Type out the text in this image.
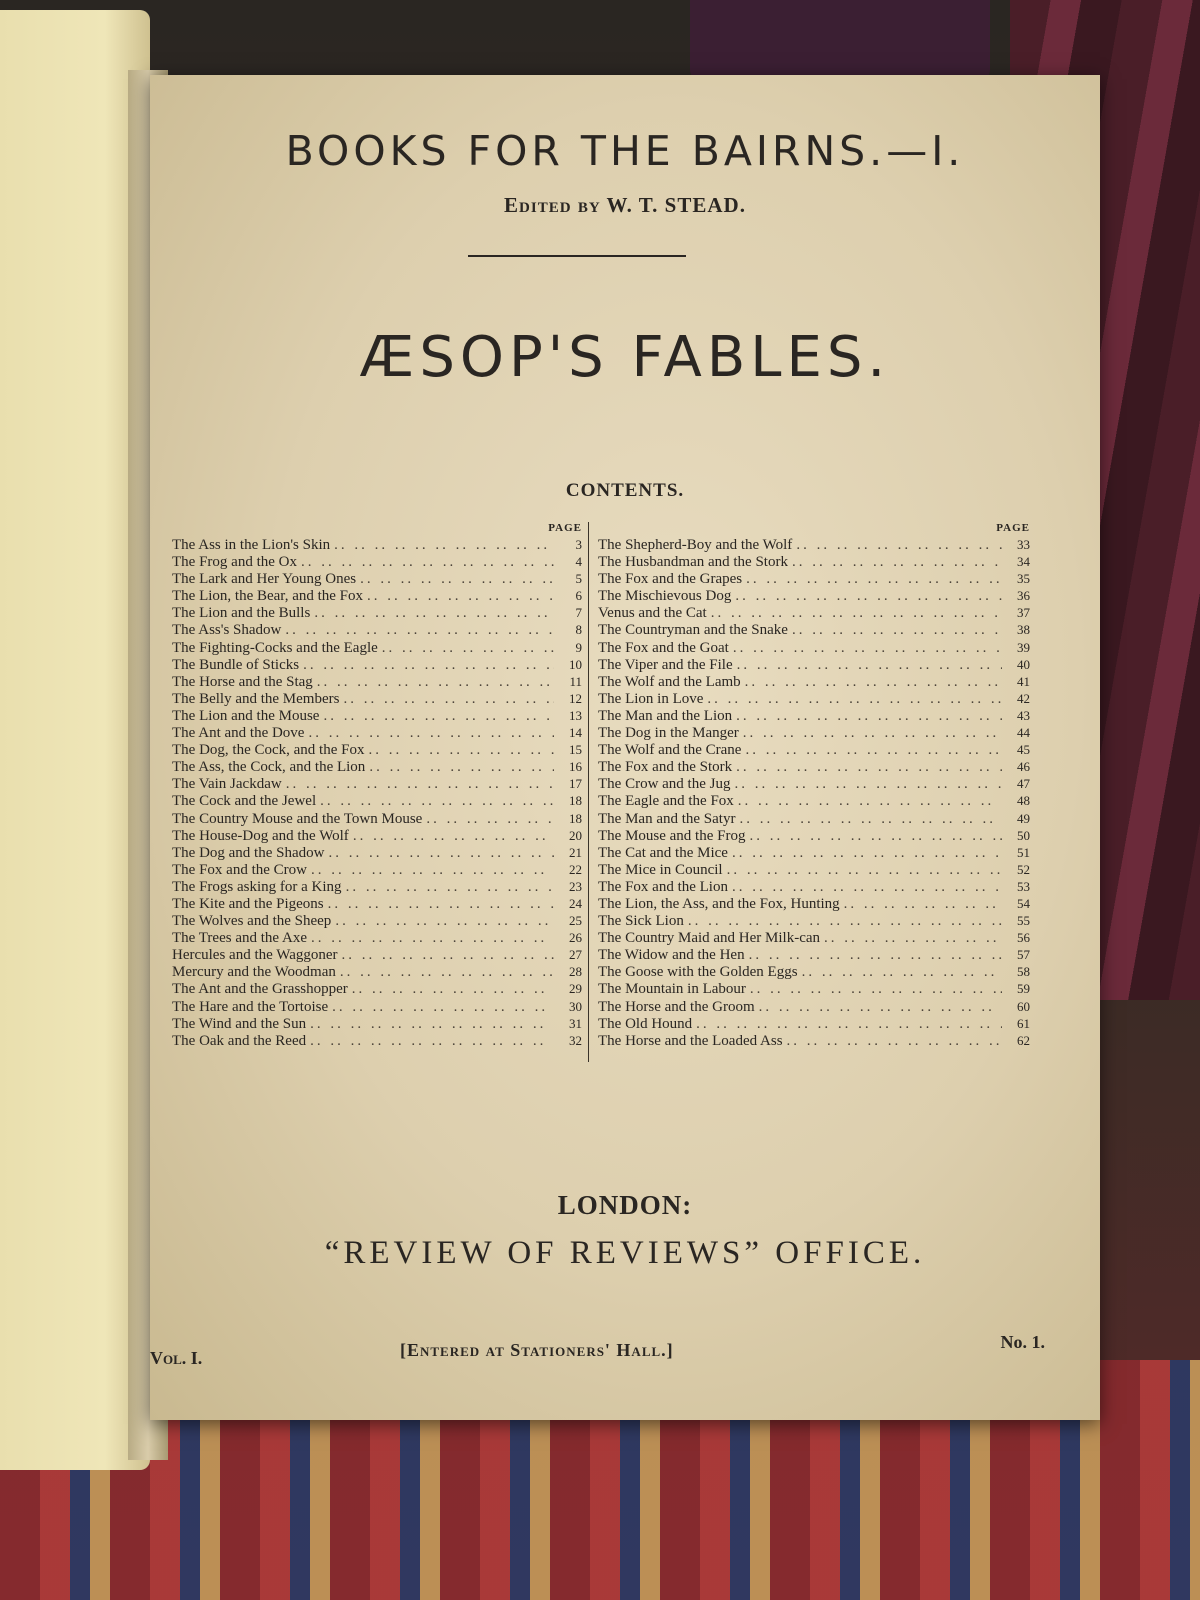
BOOKS FOR THE BAIRNS.—I.
Edited by W. T. STEAD.
ÆSOP'S FABLES.
CONTENTS.
PAGE
The Ass in the Lion's Skin .. ..	3
The Frog and the Ox .. ..	4
The Lark and Her Young Ones .. ..	5
The Lion, the Bear, and the Fox .. ..	6
The Lion and the Bulls .. ..	7
The Ass's Shadow .. ..	8
The Fighting-Cocks and the Eagle .. ..	9
The Bundle of Sticks .. ..	10
The Horse and the Stag .. ..	11
The Belly and the Members .. ..	12
The Lion and the Mouse .. ..	13
The Ant and the Dove .. ..	14
The Dog, the Cock, and the Fox .. ..	15
The Ass, the Cock, and the Lion .. ..	16
The Vain Jackdaw .. ..	17
The Cock and the Jewel .. ..	18
The Country Mouse and the Town Mouse .. ..	18
The House-Dog and the Wolf .. ..	20
The Dog and the Shadow .. ..	21
The Fox and the Crow .. ..	22
The Frogs asking for a King .. ..	23
The Kite and the Pigeons .. ..	24
The Wolves and the Sheep .. ..	25
The Trees and the Axe .. ..	26
Hercules and the Waggoner .. ..	27
Mercury and the Woodman .. ..	28
The Ant and the Grasshopper .. ..	29
The Hare and the Tortoise .. ..	30
The Wind and the Sun .. ..	31
The Oak and the Reed .. ..	32
PAGE
The Shepherd-Boy and the Wolf .. ..	33
The Husbandman and the Stork .. ..	34
The Fox and the Grapes .. ..	35
The Mischievous Dog .. ..	36
Venus and the Cat .. ..	37
The Countryman and the Snake .. ..	38
The Fox and the Goat .. ..	39
The Viper and the File .. ..	40
The Wolf and the Lamb .. ..	41
The Lion in Love .. ..	42
The Man and the Lion .. ..	43
The Dog in the Manger .. ..	44
The Wolf and the Crane .. ..	45
The Fox and the Stork .. ..	46
The Crow and the Jug .. ..	47
The Eagle and the Fox .. ..	48
The Man and the Satyr .. ..	49
The Mouse and the Frog .. ..	50
The Cat and the Mice .. ..	51
The Mice in Council .. ..	52
The Fox and the Lion .. ..	53
The Lion, the Ass, and the Fox, Hunting .. ..	54
The Sick Lion .. ..	55
The Country Maid and Her Milk-can .. ..	56
The Widow and the Hen .. ..	57
The Goose with the Golden Eggs .. ..	58
The Mountain in Labour .. ..	59
The Horse and the Groom .. ..	60
The Old Hound .. ..	61
The Horse and the Loaded Ass .. ..	62
LONDON:
“REVIEW OF REVIEWS” OFFICE.
Vol. I.	[Entered at Stationers' Hall.]	No. 1.
